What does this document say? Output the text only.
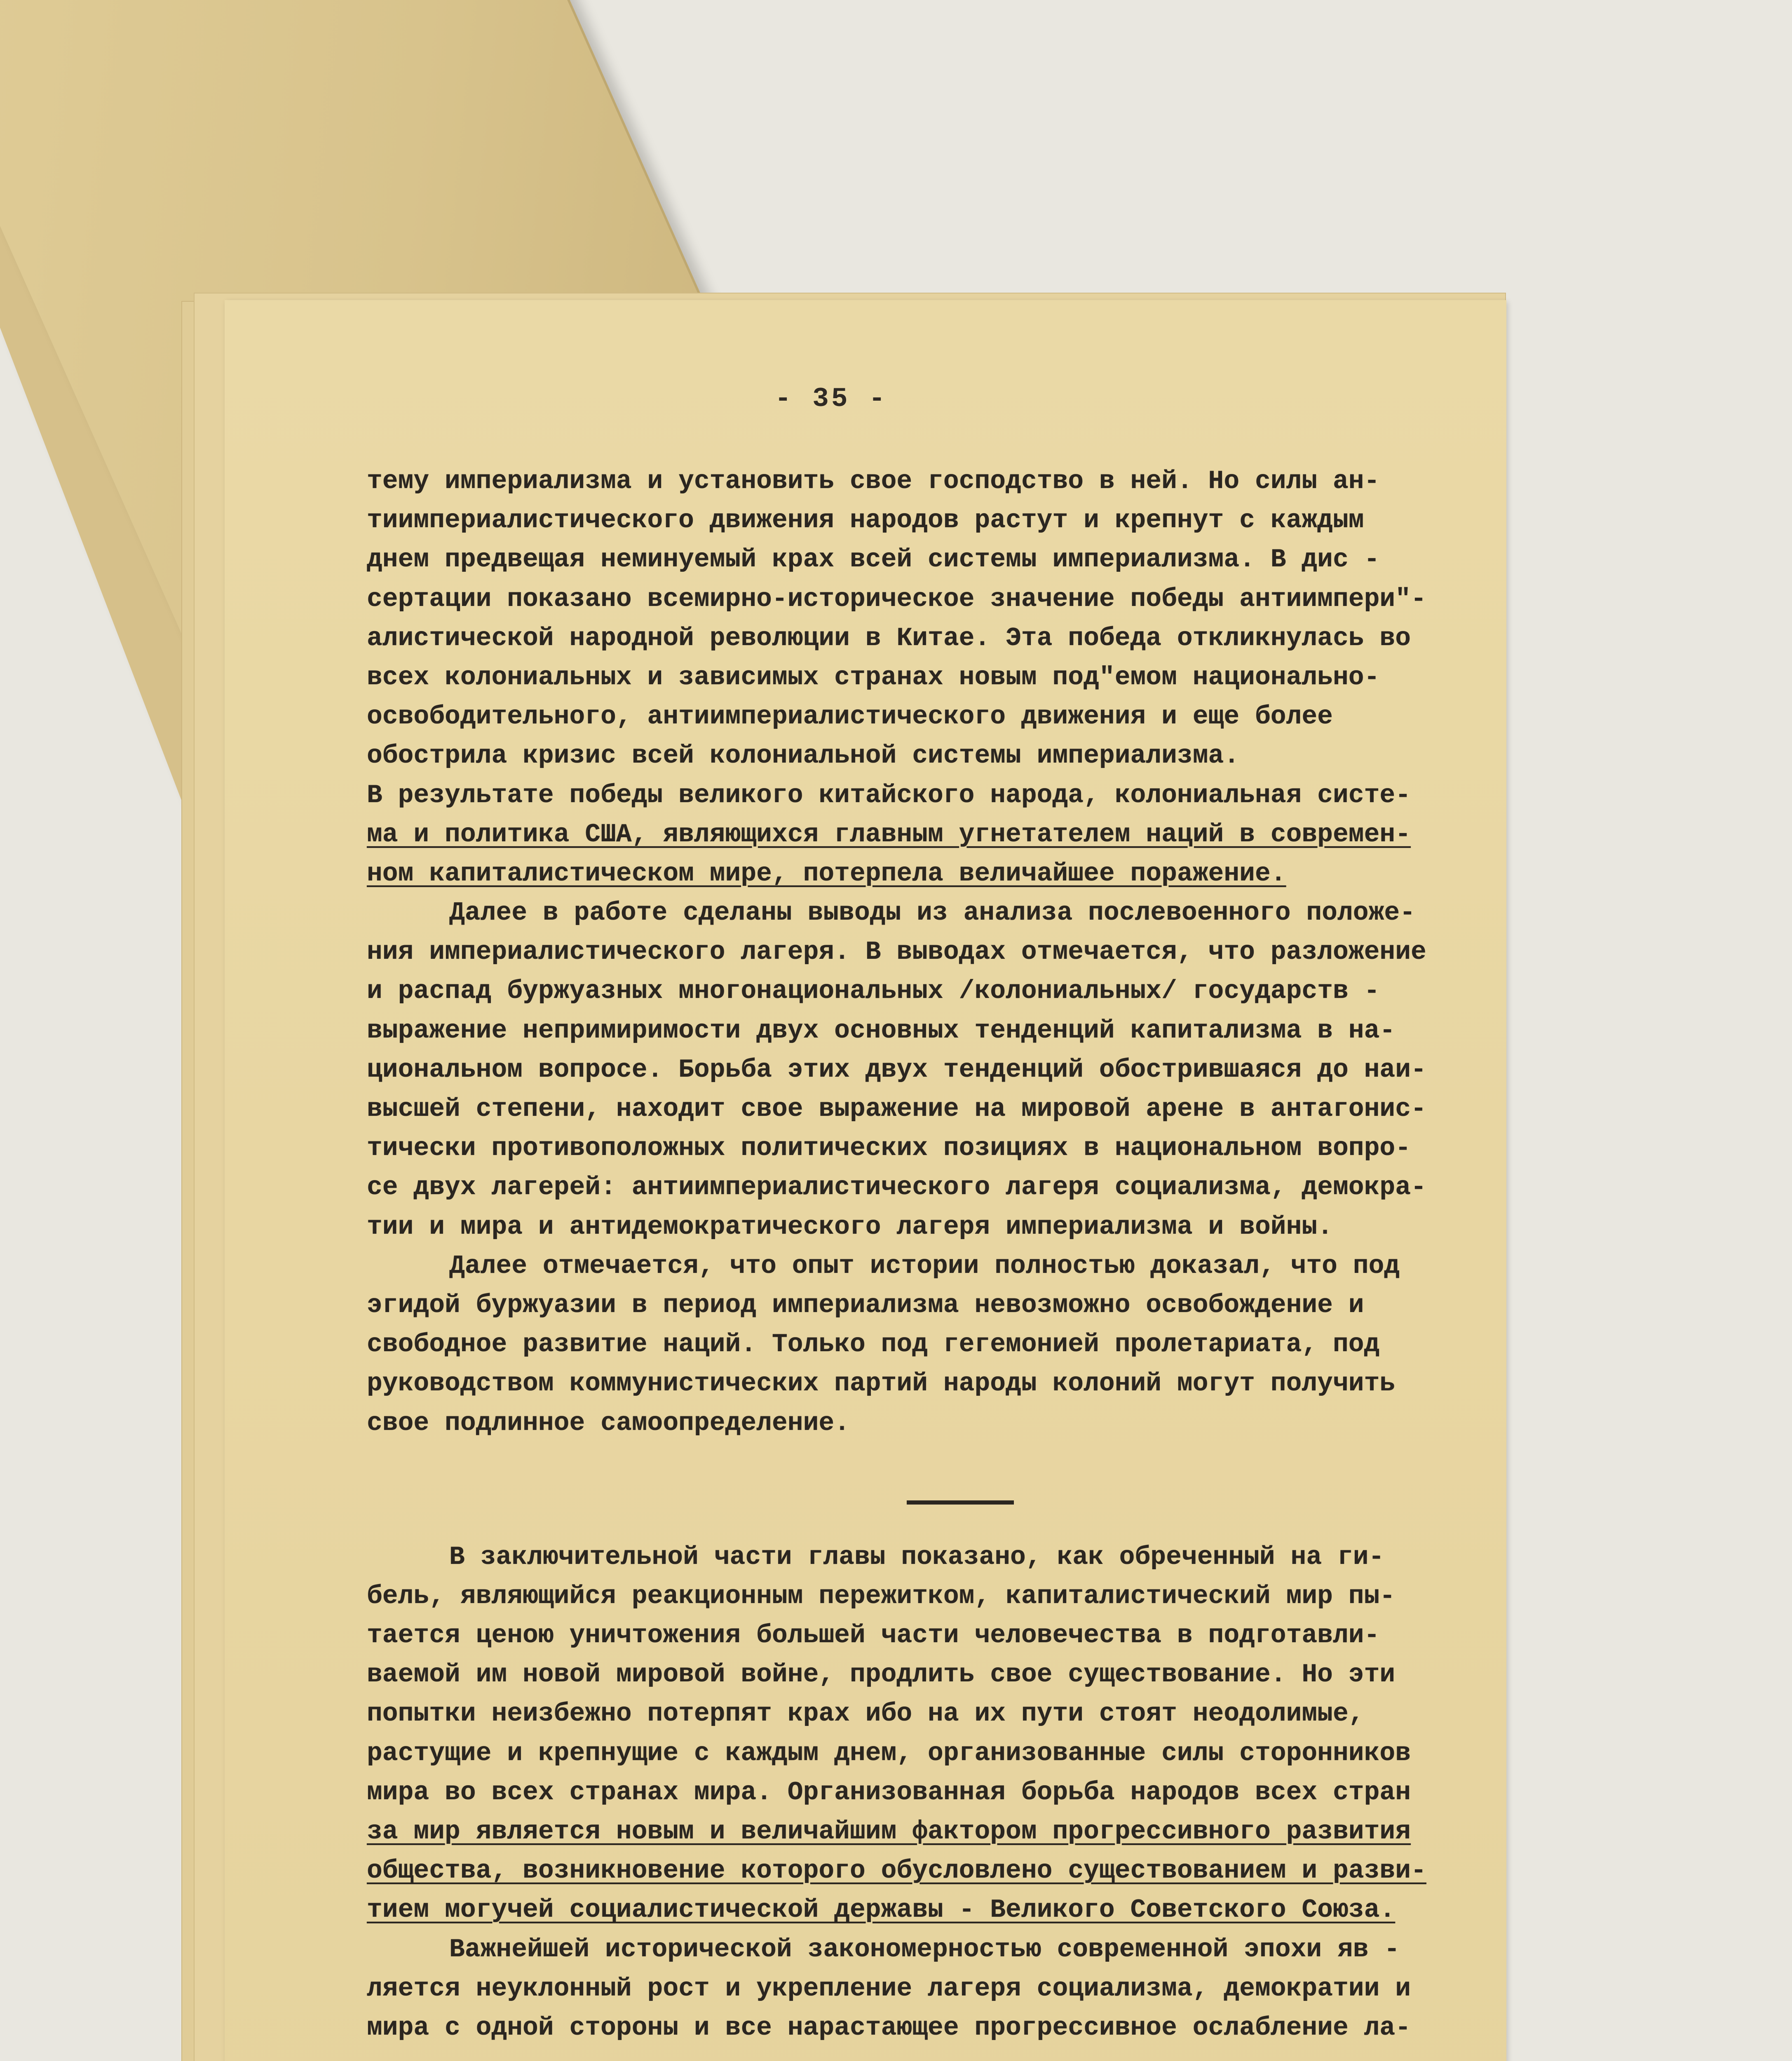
- 35 -
тему империализма и установить свое господство в ней. Но силы ан-
тиимпериалистического движения народов растут и крепнут с каждым
днем предвещая неминуемый крах всей системы империализма. В дис -
сертации показано всемирно-историческое значение победы антиимпери"-
алистической народной революции в Китае. Эта победа откликнулась во
всех колониальных и зависимых странах новым под"емом национально-
освободительного, антиимпериалистического движения и еще более
обострила кризис всей колониальной системы империализма.
В результате победы великого китайского народа, колониальная систе-
ма и политика США, являющихся главным угнетателем наций в современ-
ном капиталистическом мире, потерпела величайшее поражение.
Далее в работе сделаны выводы из анализа послевоенного положе-
ния империалистического лагеря. В выводах отмечается, что разложение
и распад буржуазных многонациональных /колониальных/ государств -
выражение непримиримости двух основных тенденций капитализма в на-
циональном вопросе. Борьба этих двух тенденций обострившаяся до наи-
высшей степени, находит свое выражение на мировой арене в антагонис-
тически противоположных политических позициях в национальном вопро-
се двух лагерей: антиимпериалистического лагеря социализма, демокра-
тии и мира и антидемократического лагеря империализма и войны.
Далее отмечается, что опыт истории полностью доказал, что под
эгидой буржуазии в период империализма невозможно освобождение и
свободное развитие наций. Только под гегемонией пролетариата, под
руководством коммунистических партий народы колоний могут получить
свое подлинное самоопределение.
В заключительной части главы показано, как обреченный на ги-
бель, являющийся реакционным пережитком, капиталистический мир пы-
тается ценою уничтожения большей части человечества в подготавли-
ваемой им новой мировой войне, продлить свое существование. Но эти
попытки неизбежно потерпят крах ибо на их пути стоят неодолимые,
растущие и крепнущие с каждым днем, организованные силы сторонников
мира во всех странах мира. Организованная борьба народов всех стран
за мир является новым и величайшим фактором прогрессивного развития
общества, возникновение которого обусловлено существованием и разви-
тием могучей социалистической державы - Великого Советского Союза.
Важнейшей исторической закономерностью современной эпохи яв -
ляется неуклонный рост и укрепление лагеря социализма, демократии и
мира с одной стороны и все нарастающее прогрессивное ослабление ла-
